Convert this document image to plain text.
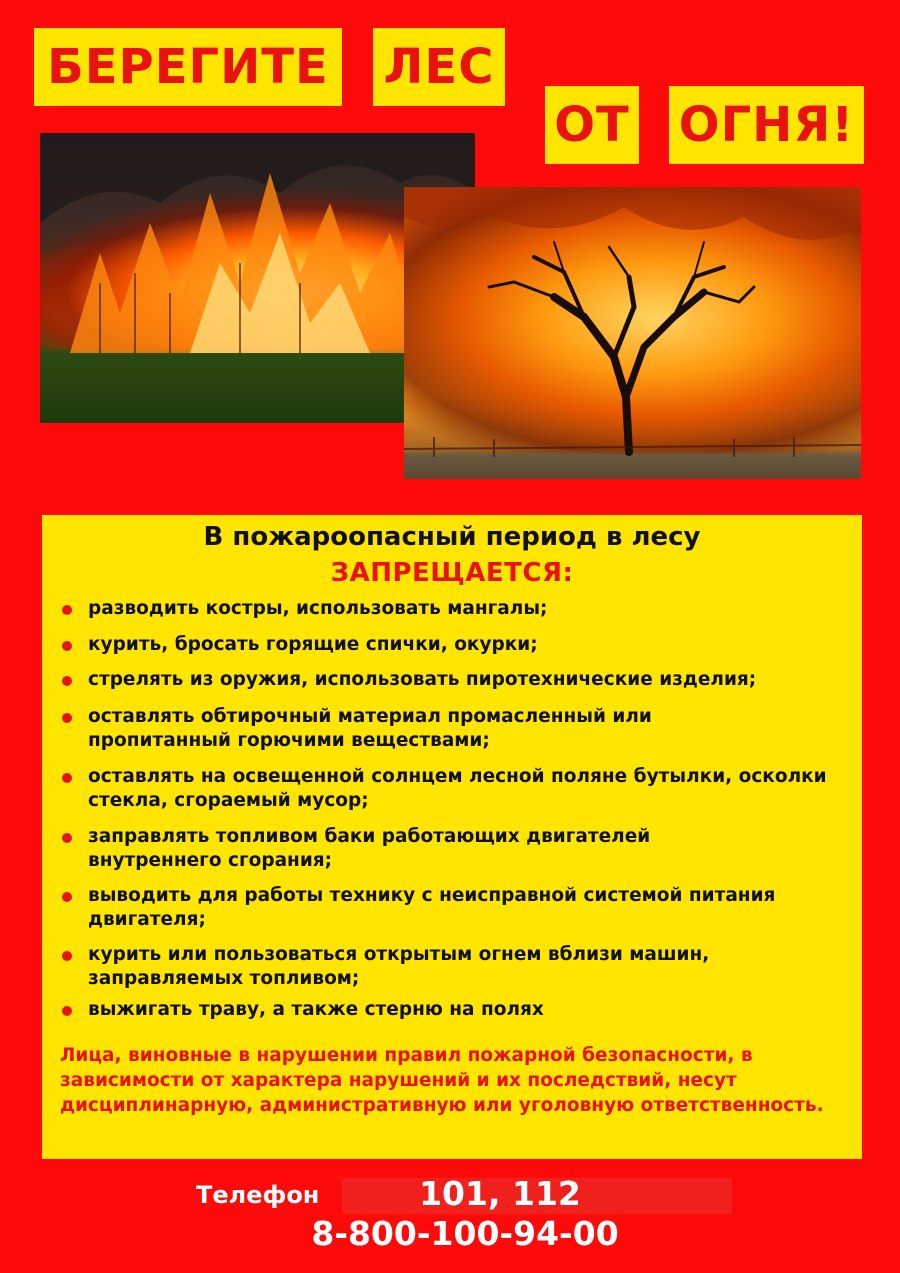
БЕРЕГИТЕ ЛЕС
ОТ ОГНЯ!
В пожароопасный период в лесу
ЗАПРЕЩАЕТСЯ:
разводить костры, использовать мангалы;
курить, бросать горящие спички, окурки;
стрелять из оружия, использовать пиротехнические изделия;
оставлять обтирочный материал промасленный или пропитанный горючими веществами;
оставлять на освещенной солнцем лесной поляне бутылки, осколки стекла, сгораемый мусор;
заправлять топливом баки работающих двигателей внутреннего сгорания;
выводить для работы технику с неисправной системой питания двигателя;
курить или пользоваться открытым огнем вблизи машин, заправляемых топливом;
выжигать траву, а также стерню на полях
Лица, виновные в нарушении правил пожарной безопасности, в зависимости от характера нарушений и их последствий, несут дисциплинарную, административную или уголовную ответственность.
Телефон	101, 112
8-800-100-94-00
